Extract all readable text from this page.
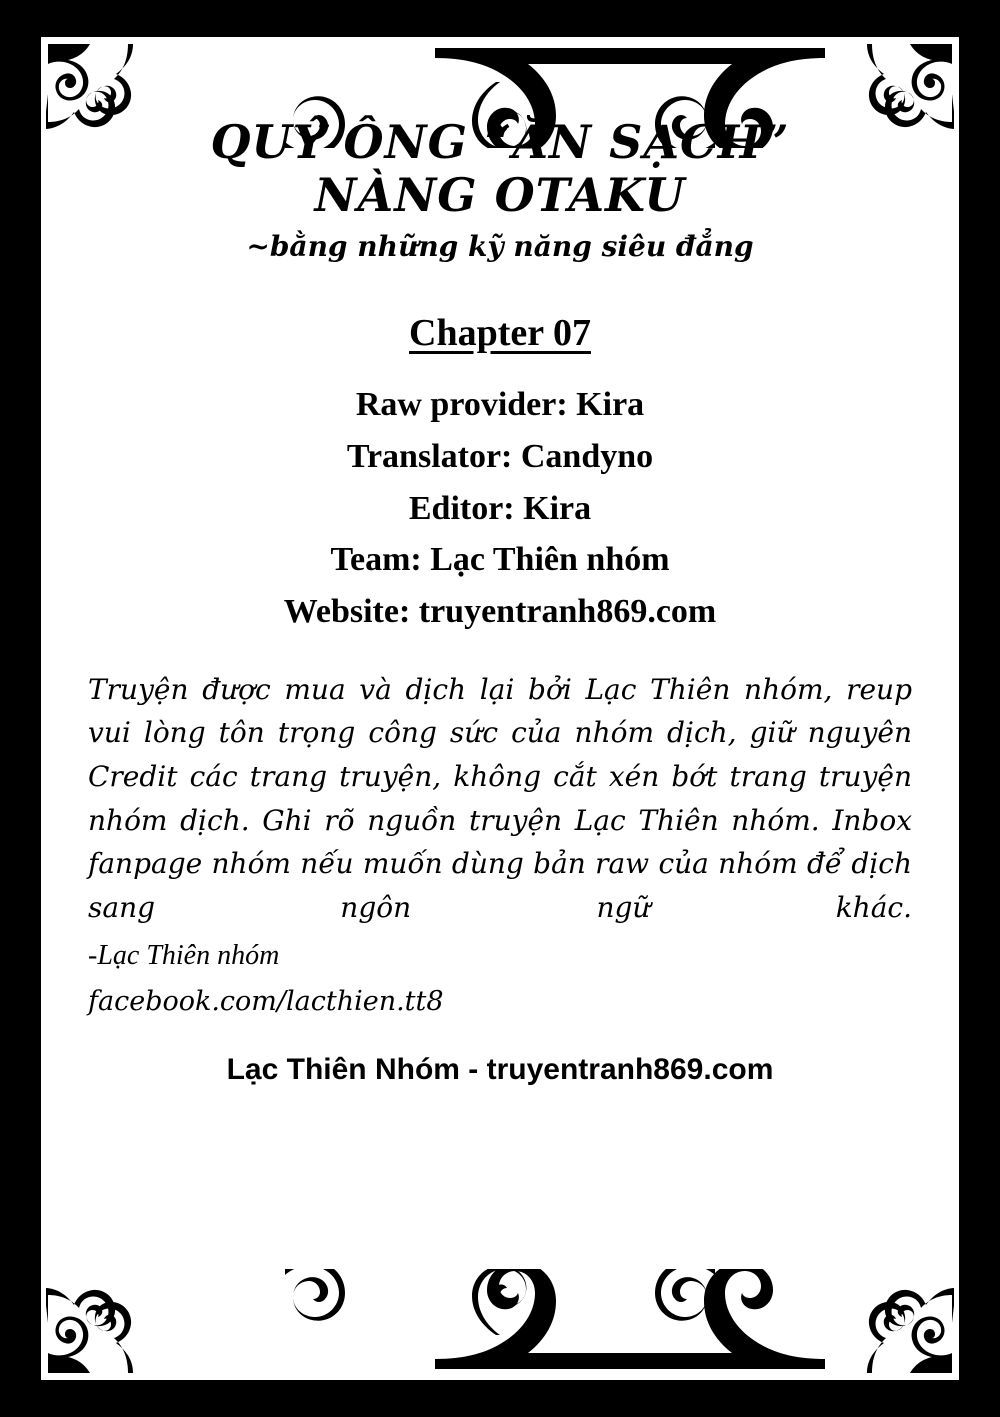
QUÝ ÔNG “ĂN SẠCH”
NÀNG OTAKU
~bằng những kỹ năng siêu đẳng
Chapter 07
Raw provider: Kira
Translator: Candyno
Editor: Kira
Team: Lạc Thiên nhóm
Website: truyentranh869.com

Truyện được mua và dịch lại bởi Lạc Thiên nhóm, reup vui lòng tôn trọng công sức của nhóm dịch, giữ nguyên Credit các trang truyện, không cắt xén bớt trang truyện nhóm dịch. Ghi rõ nguồn truyện Lạc Thiên nhóm. Inbox fanpage nhóm nếu muốn dùng bản raw của nhóm để dịch sang ngôn ngữ khác.

-Lạc Thiên nhóm

facebook.com/lacthien.tt8

Lạc Thiên Nhóm - truyentranh869.com
